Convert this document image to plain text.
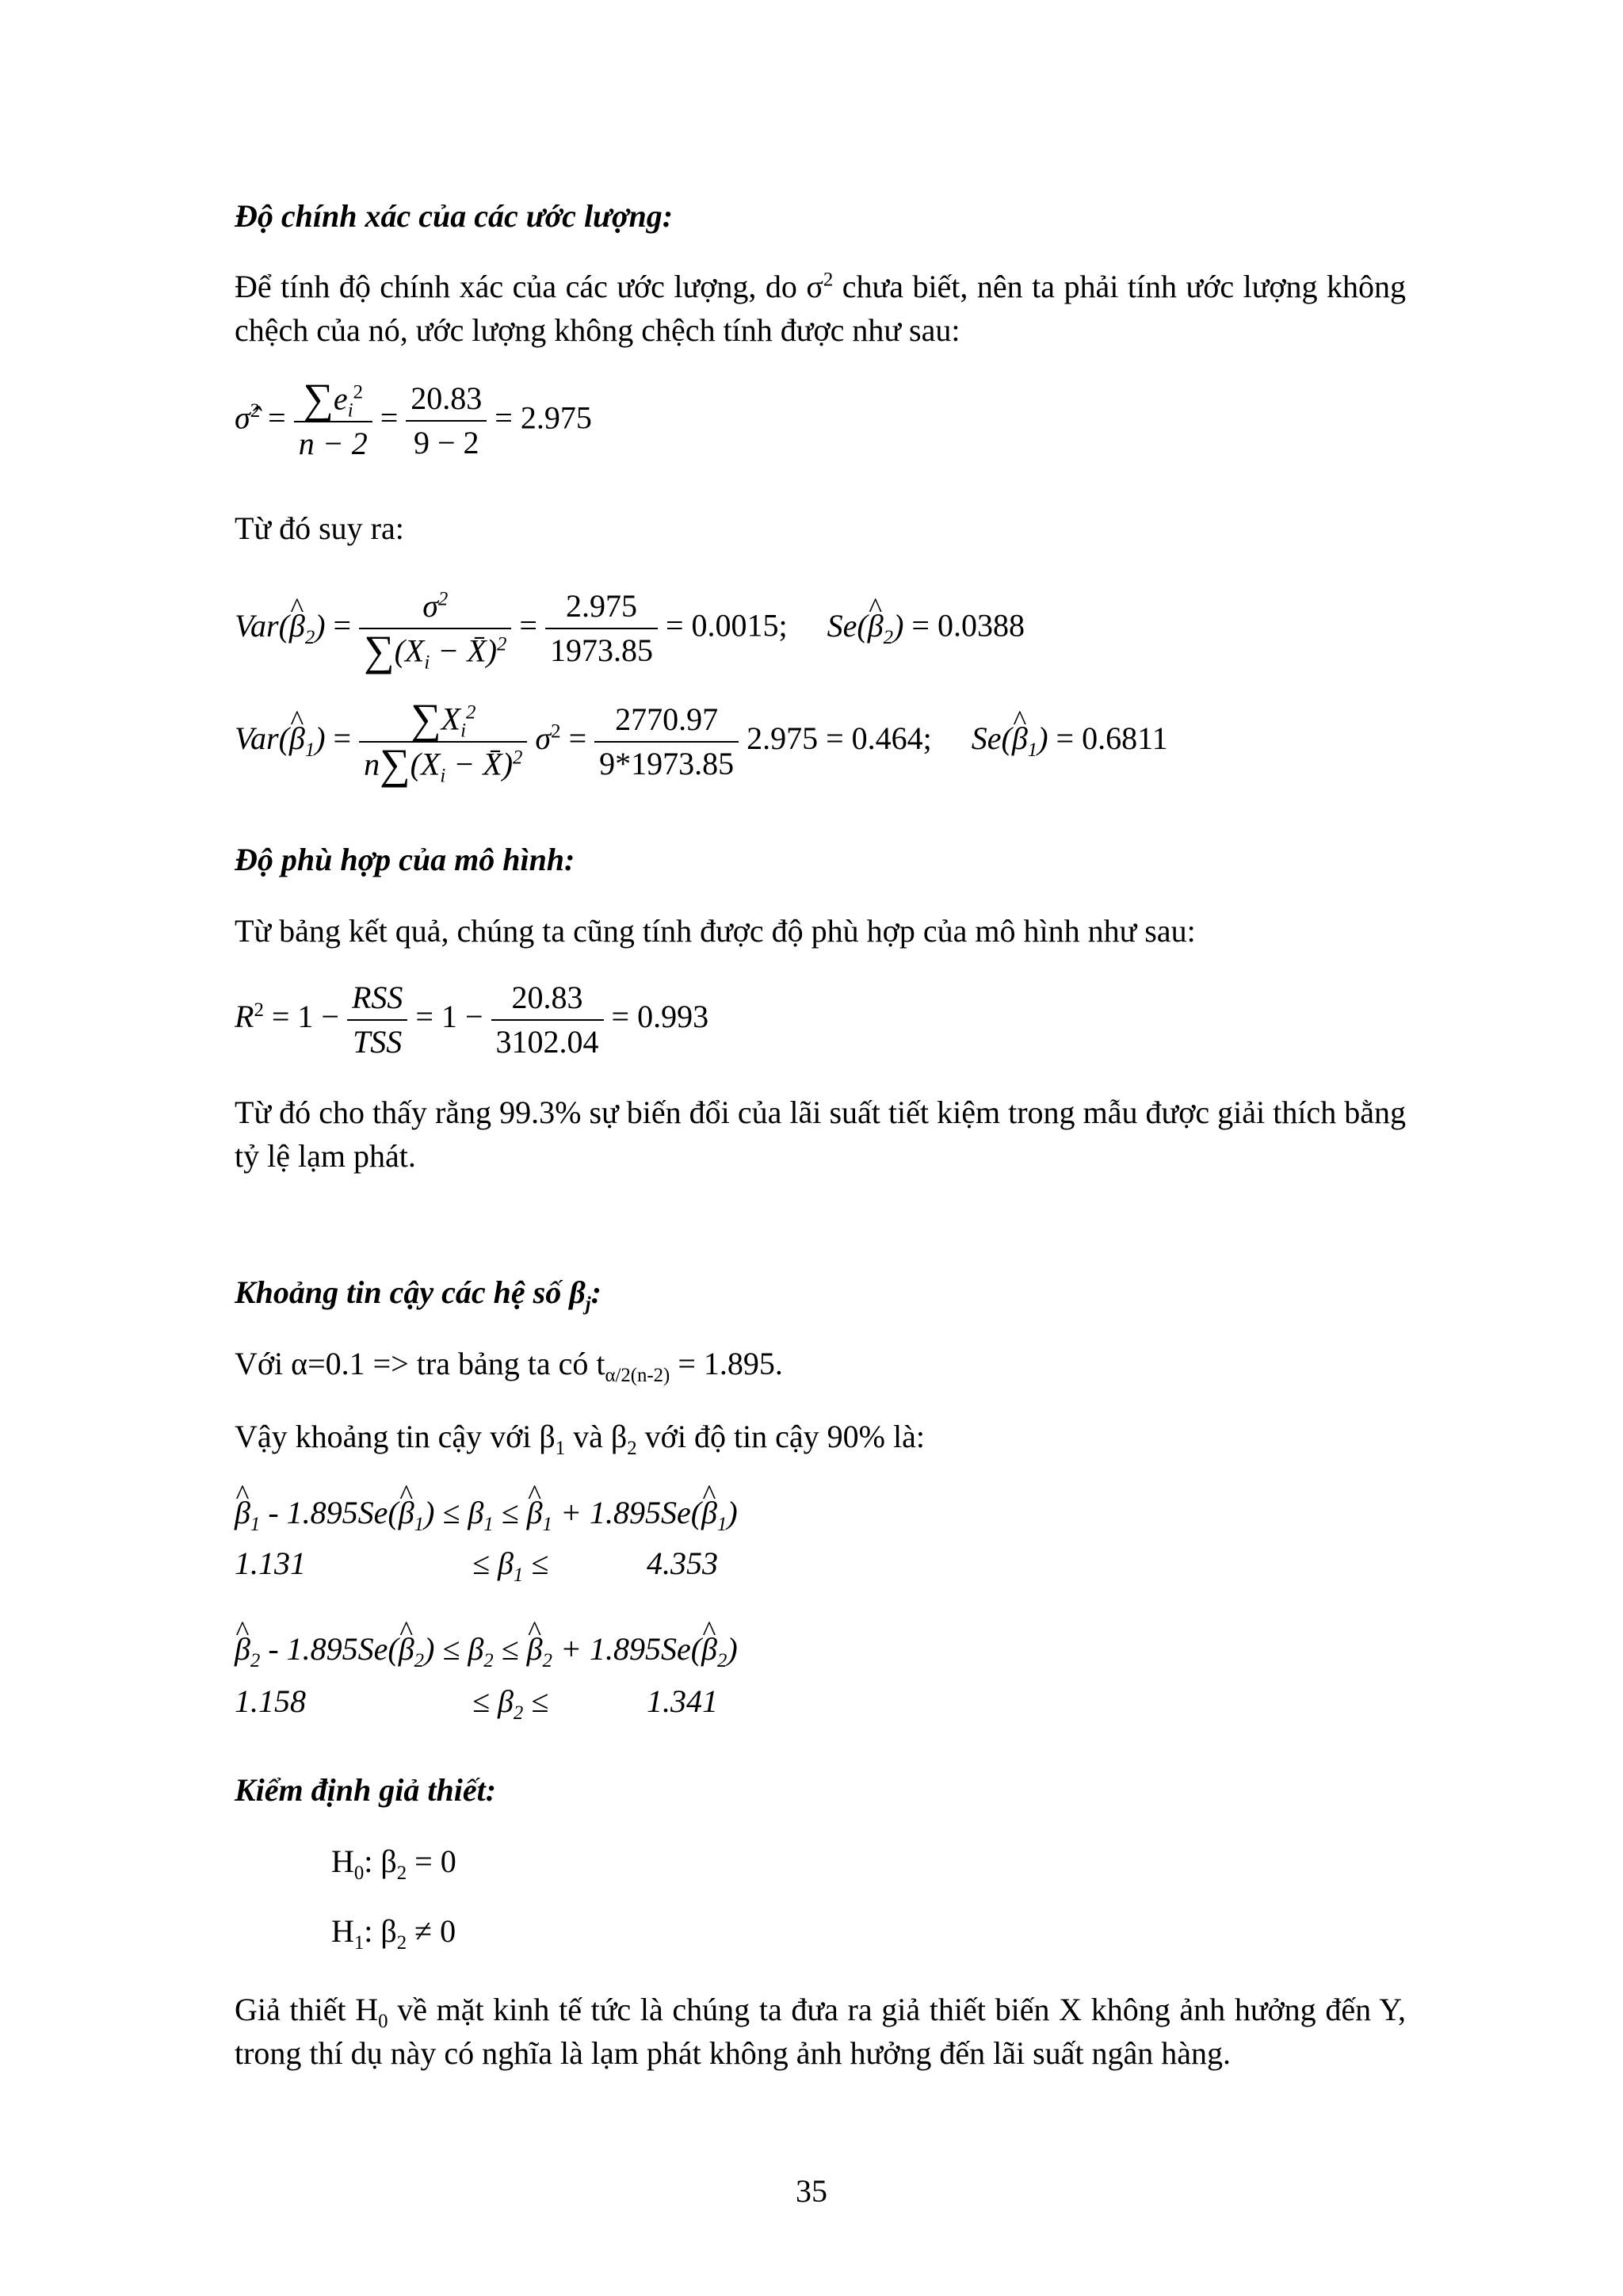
Độ chính xác của các ước lượng:
Để tính độ chính xác của các ước lượng, do $\sigma^2$ chưa biết, nên ta phải tính ước lượng không chệch của nó, ước lượng không chệch tính được như sau:
σ̂$^2$ = $\frac{\sum e_i^2}{n - 2} = \frac{20.83}{9 - 2} = 2.975$
Từ đó suy ra:
Var(^ $\beta_2) = \frac{\sigma^2}{\sum(X_i - X̄)^2} = \frac{2.975}{1973.85} = 0.0015$; Se(^ $\beta_2) = 0.0388$
Var(^ $\beta_1) = \frac{\sum X_i^2}{n\sum(X_i - X̄)^2} \sigma^2 = \frac{2770.97}{9*1973.85} 2.975 = 0.464$; Se(^ $\beta_1) = 0.6811$
Độ phù hợp của mô hình:
Từ bảng kết quả, chúng ta cũng tính được độ phù hợp của mô hình như sau:
$R^2 = 1 - \frac{\text{RSS}}{\text{TSS}} = 1 - \frac{20.83}{3102.04} = 0.993$
Từ đó cho thấy rằng 99.3% sự biến đổi của lãi suất tiết kiệm trong mẫu được giải thích bằng tỷ lệ lạm phát.
Khoảng tin cậy các hệ số $\beta_j$:
Với α=0.1 => tra bảng ta có $t_{\alpha/2(n-2)} = 1.895$.
Vậy khoảng tin cậy với $\beta_1$ và $\beta_2$ với độ tin cậy 90% là:
^ $\beta_1$ - 1.895Se(^ $\beta_1) \le \beta_1$ ≤ ^ $\beta_1$ + 1.895Se(^ $\beta_1$)
1.131	≤ $\beta_1$ ≤	4.353
^ $\beta_2$ - 1.895Se(^ $\beta_2) \le \beta_2$ ≤ ^ $\beta_2$ + 1.895Se(^ $\beta_2$)
1.158	≤ $\beta_2$ ≤	1.341
Kiểm định giả thiết:
$H_0$: $\beta_2 = 0$
$H_1$: $\beta_2 \ne 0$
Giả thiết $H_0$ về mặt kinh tế tức là chúng ta đưa ra giả thiết biến X không ảnh hưởng đến Y, trong thí dụ này có nghĩa là lạm phát không ảnh hưởng đến lãi suất ngân hàng.
35
